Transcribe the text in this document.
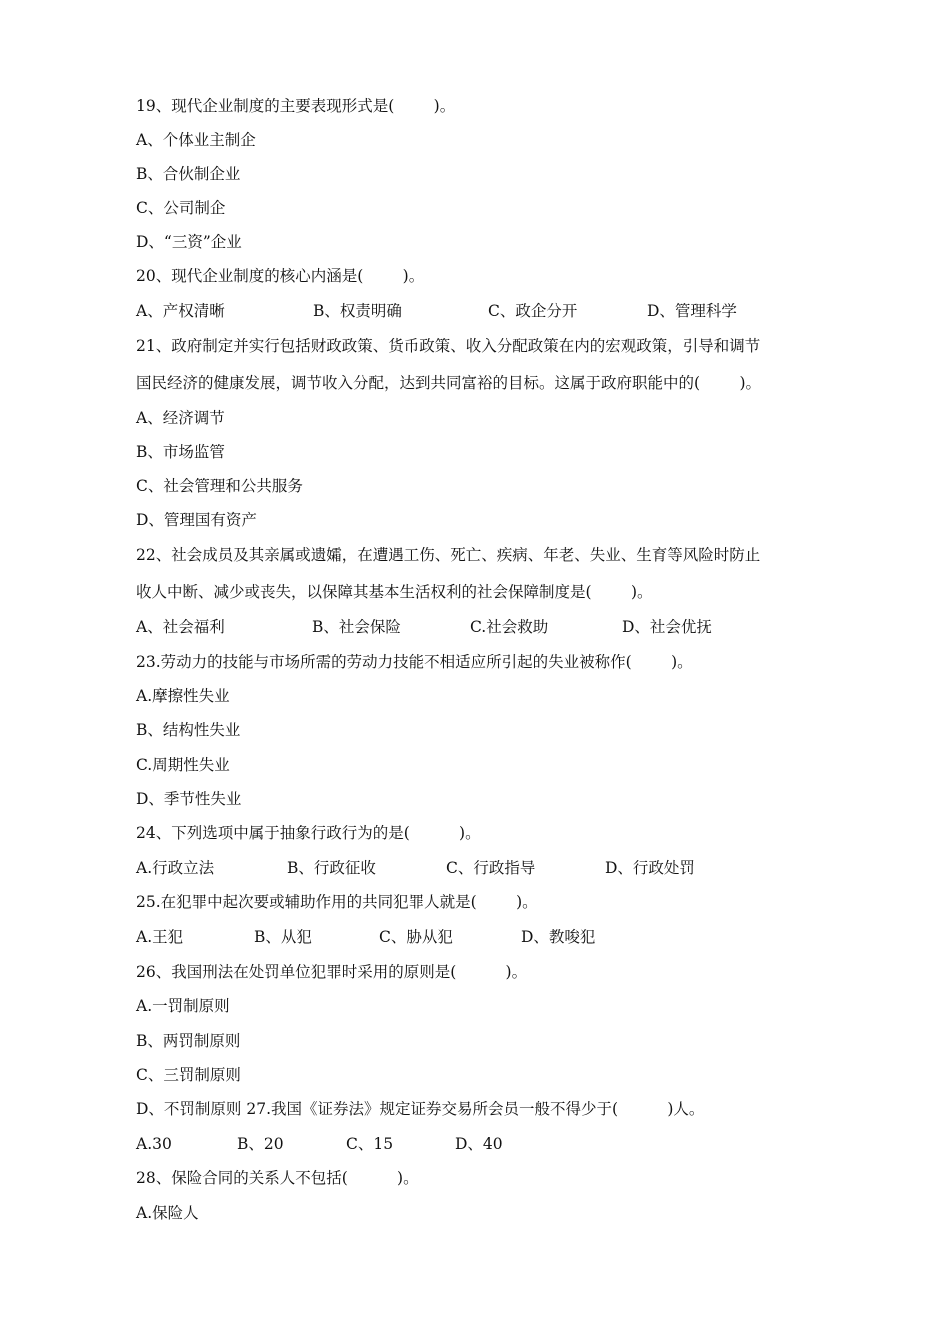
19、现代企业制度的主要表现形式是(        )。
A、个体业主制企
B、合伙制企业
C、公司制企
D、“三资”企业
20、现代企业制度的核心内涵是(        )。
A、产权清晰	B、权责明确	C、政企分开	D、管理科学
21、政府制定并实行包括财政政策、货币政策、收入分配政策在内的宏观政策，引导和调节
国民经济的健康发展，调节收入分配，达到共同富裕的目标。这属于政府职能中的(        )。
A、经济调节
B、市场监管
C、社会管理和公共服务
D、管理国有资产
22、社会成员及其亲属或遗孀，在遭遇工伤、死亡、疾病、年老、失业、生育等风险时防止
收人中断、减少或丧失，以保障其基本生活权利的社会保障制度是(        )。
A、社会福利	B、社会保险	C.社会救助	D、社会优抚
23.劳动力的技能与市场所需的劳动力技能不相适应所引起的失业被称作(        )。
A.摩擦性失业
B、结构性失业
C.周期性失业
D、季节性失业
24、下列选项中属于抽象行政行为的是(          )。
A.行政立法	B、行政征收	C、行政指导	D、行政处罚
25.在犯罪中起次要或辅助作用的共同犯罪人就是(        )。
A.王犯	B、从犯	C、胁从犯	D、教唆犯
26、我国刑法在处罚单位犯罪时采用的原则是(          )。
A.一罚制原则
B、两罚制原则
C、三罚制原则
D、不罚制原则 27.我国《证券法》规定证券交易所会员一般不得少于(          )人。
A.30	B、20	C、15	D、40
28、保险合同的关系人不包括(          )。
A.保险人
